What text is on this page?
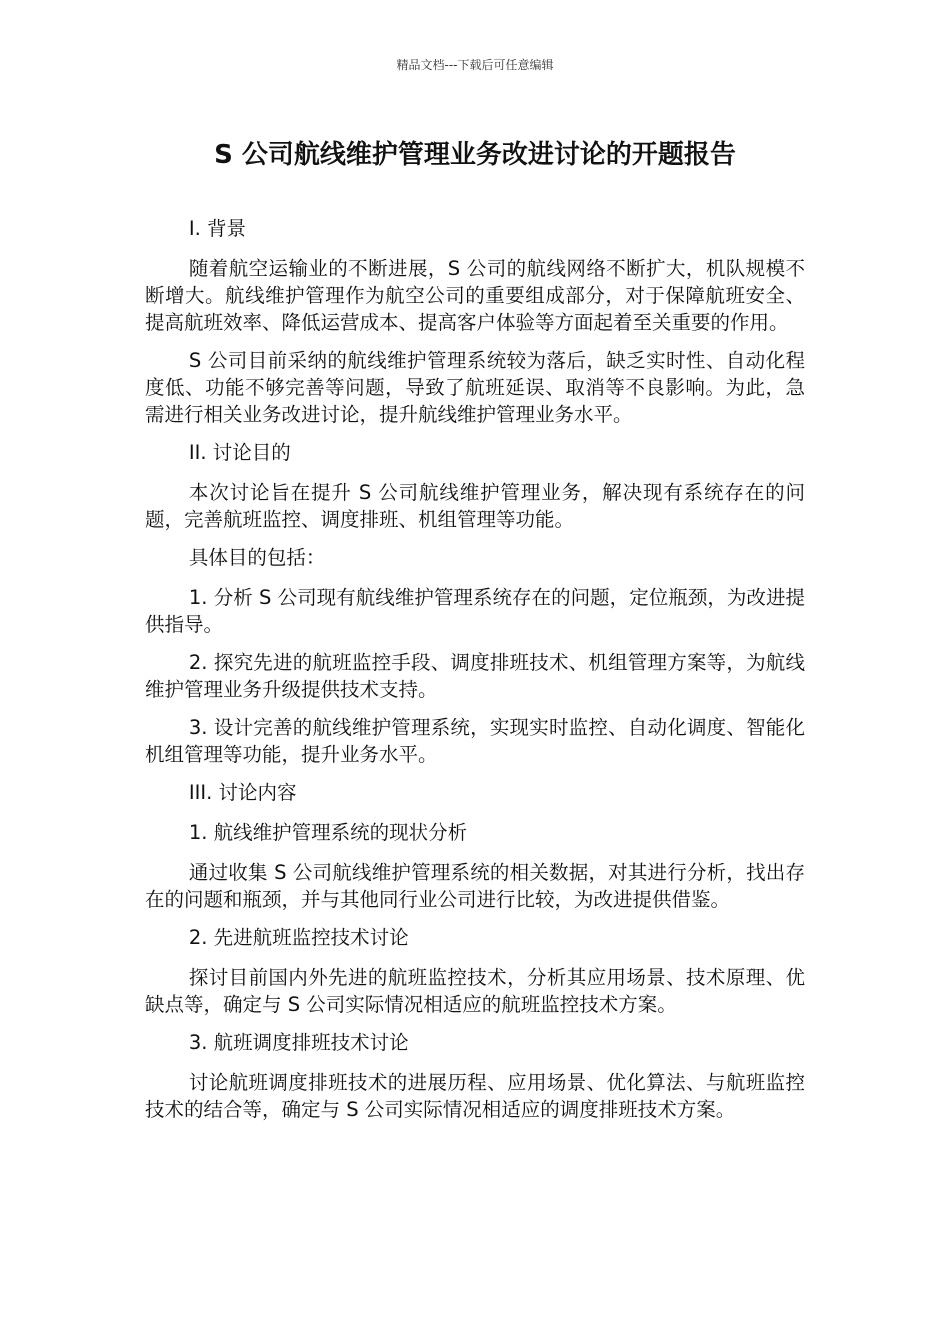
精品文档---下载后可任意编辑
S 公司航线维护管理业务改进讨论的开题报告

I. 背景

随着航空运输业的不断进展，S 公司的航线网络不断扩大，机队规模不断增大。航线维护管理作为航空公司的重要组成部分，对于保障航班安全、提高航班效率、降低运营成本、提高客户体验等方面起着至关重要的作用。

S 公司目前采纳的航线维护管理系统较为落后，缺乏实时性、自动化程度低、功能不够完善等问题，导致了航班延误、取消等不良影响。为此，急需进行相关业务改进讨论，提升航线维护管理业务水平。

II. 讨论目的

本次讨论旨在提升 S 公司航线维护管理业务，解决现有系统存在的问题，完善航班监控、调度排班、机组管理等功能。

具体目的包括：

1. 分析 S 公司现有航线维护管理系统存在的问题，定位瓶颈，为改进提供指导。

2. 探究先进的航班监控手段、调度排班技术、机组管理方案等，为航线维护管理业务升级提供技术支持。

3. 设计完善的航线维护管理系统，实现实时监控、自动化调度、智能化机组管理等功能，提升业务水平。

III. 讨论内容

1. 航线维护管理系统的现状分析

通过收集 S 公司航线维护管理系统的相关数据，对其进行分析，找出存在的问题和瓶颈，并与其他同行业公司进行比较，为改进提供借鉴。

2. 先进航班监控技术讨论

探讨目前国内外先进的航班监控技术，分析其应用场景、技术原理、优缺点等，确定与 S 公司实际情况相适应的航班监控技术方案。

3. 航班调度排班技术讨论

讨论航班调度排班技术的进展历程、应用场景、优化算法、与航班监控技术的结合等，确定与 S 公司实际情况相适应的调度排班技术方案。
